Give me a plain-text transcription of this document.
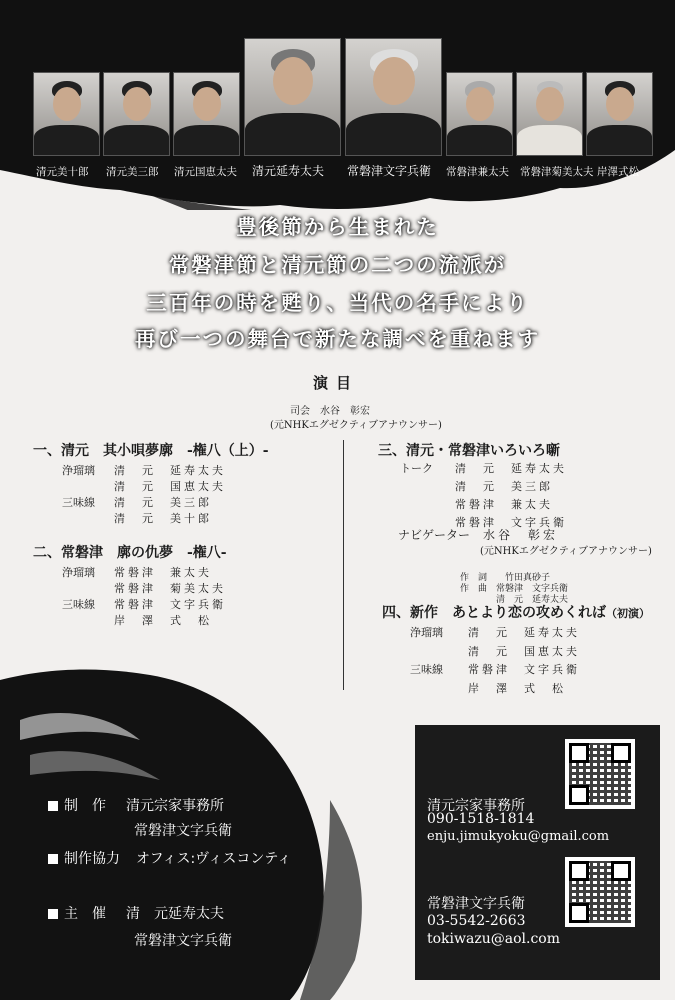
清元美十郎 清元美三郎 清元国恵太夫 清元延寿太夫 常磐津文字兵衛 常磐津兼太夫 常磐津菊美太夫 岸澤式松
豊後節から生まれた
常磐津節と清元節の二つの流派が
三百年の時を甦り、当代の名手により
再び一つの舞台で新たな調べを重ねます
演目
司会　水谷　彰宏
(元NHKエグゼクティブアナウンサー)
一、清元　其小唄夢廓　-権八（上）-
浄瑠璃	清　元　延寿太夫
清　元　国恵太夫
三味線	清　元　美三郎
清　元　美十郎
二、常磐津　廓の仇夢　-権八-
浄瑠璃	常磐津　兼太夫
常磐津　菊美太夫
三味線	常磐津　文字兵衛
岸　澤　式　松
三、清元・常磐津いろいろ噺
トーク	清　元　延寿太夫
清　元　美三郎
常磐津　兼太夫
常磐津　文字兵衛
ナビゲーター	水谷　彰宏
(元NHKエグゼクティブアナウンサー)
作　詞　　竹田真砂子
作　曲　常磐津　文字兵衛
　　　　清　元　延寿太夫
四、新作　あとより恋の攻めくれば（初演）
浄瑠璃	清　元　延寿太夫
清　元　国恵太夫
三味線	常磐津　文字兵衛
岸　澤　式　松
制　作 清元宗家事務所
常磐津文字兵衛
制作協力 オフィス:ヴィスコンティ
主　催 清　元延寿太夫
常磐津文字兵衛
清元宗家事務所
090-1518-1814
enju.jimukyoku@gmail.com
常磐津文字兵衛
03-5542-2663
tokiwazu@aol.com
